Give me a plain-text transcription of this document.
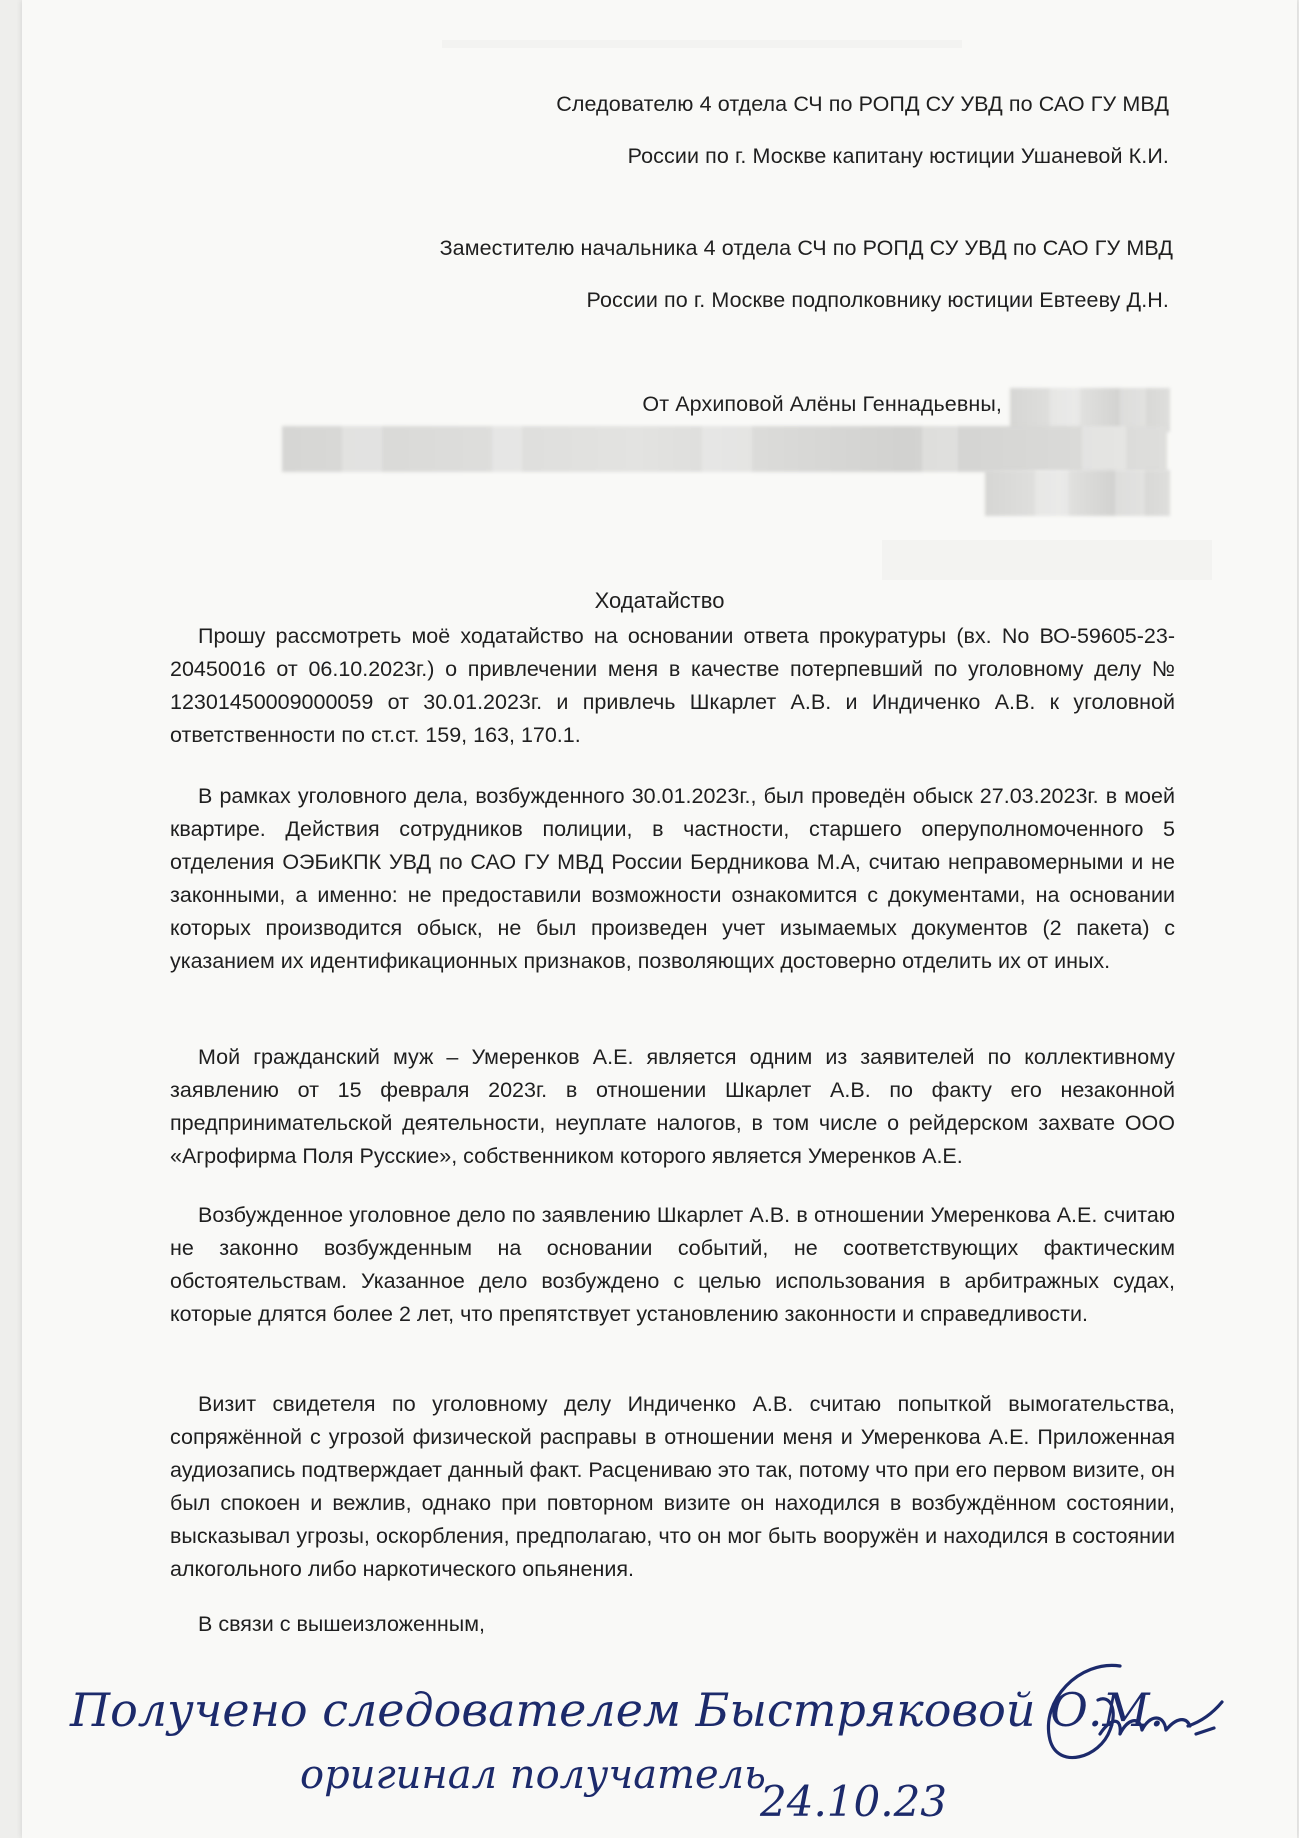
Следователю 4 отдела СЧ по РОПД СУ УВД по САО ГУ МВД
России по г. Москве капитану юстиции Ушаневой К.И.
Заместителю начальника 4 отдела СЧ по РОПД СУ УВД по САО ГУ МВД
России по г. Москве подполковнику юстиции Евтееву Д.Н.
От Архиповой Алёны Геннадьевны,
Ходатайство

Прошу рассмотреть моё ходатайство на основании ответа прокуратуры (вх. No ВО-59605-23-20450016 от 06.10.2023г.) о привлечении меня в качестве потерпевший по уголовному делу № 12301450009000059 от 30.01.2023г. и привлечь Шкарлет А.В. и Индиченко А.В. к уголовной ответственности по ст.ст. 159, 163, 170.1.

В рамках уголовного дела, возбужденного 30.01.2023г., был проведён обыск 27.03.2023г. в моей квартире. Действия сотрудников полиции, в частности, старшего оперуполномоченного 5 отделения ОЭБиКПК УВД по САО ГУ МВД России Бердникова М.А, считаю неправомерными и не законными, а именно: не предоставили возможности ознакомится с документами, на основании которых производится обыск, не был произведен учет изымаемых документов (2 пакета) с указанием их идентификационных признаков, позволяющих достоверно отделить их от иных.

Мой гражданский муж – Умеренков А.Е. является одним из заявителей по коллективному заявлению от 15 февраля 2023г. в отношении Шкарлет А.В. по факту его незаконной предпринимательской деятельности, неуплате налогов, в том числе о рейдерском захвате ООО «Агрофирма Поля Русские», собственником которого является Умеренков А.Е.

Возбужденное уголовное дело по заявлению Шкарлет А.В. в отношении Умеренкова А.Е. считаю не законно возбужденным на основании событий, не соответствующих фактическим обстоятельствам. Указанное дело возбуждено с целью использования в арбитражных судах, которые длятся более 2 лет, что препятствует установлению законности и справедливости.

Визит свидетеля по уголовному делу Индиченко А.В. считаю попыткой вымогательства, сопряжённой с угрозой физической расправы в отношении меня и Умеренкова А.Е. Приложенная аудиозапись подтверждает данный факт. Расцениваю это так, потому что при его первом визите, он был спокоен и вежлив, однако при повторном визите он находился в возбуждённом состоянии, высказывал угрозы, оскорбления, предполагаю, что он мог быть вооружён и находился в состоянии алкогольного либо наркотического опьянения.

В связи с вышеизложенным,
Получено следователем Быстряковой О.М.
оригинал получатель
24.10.23
